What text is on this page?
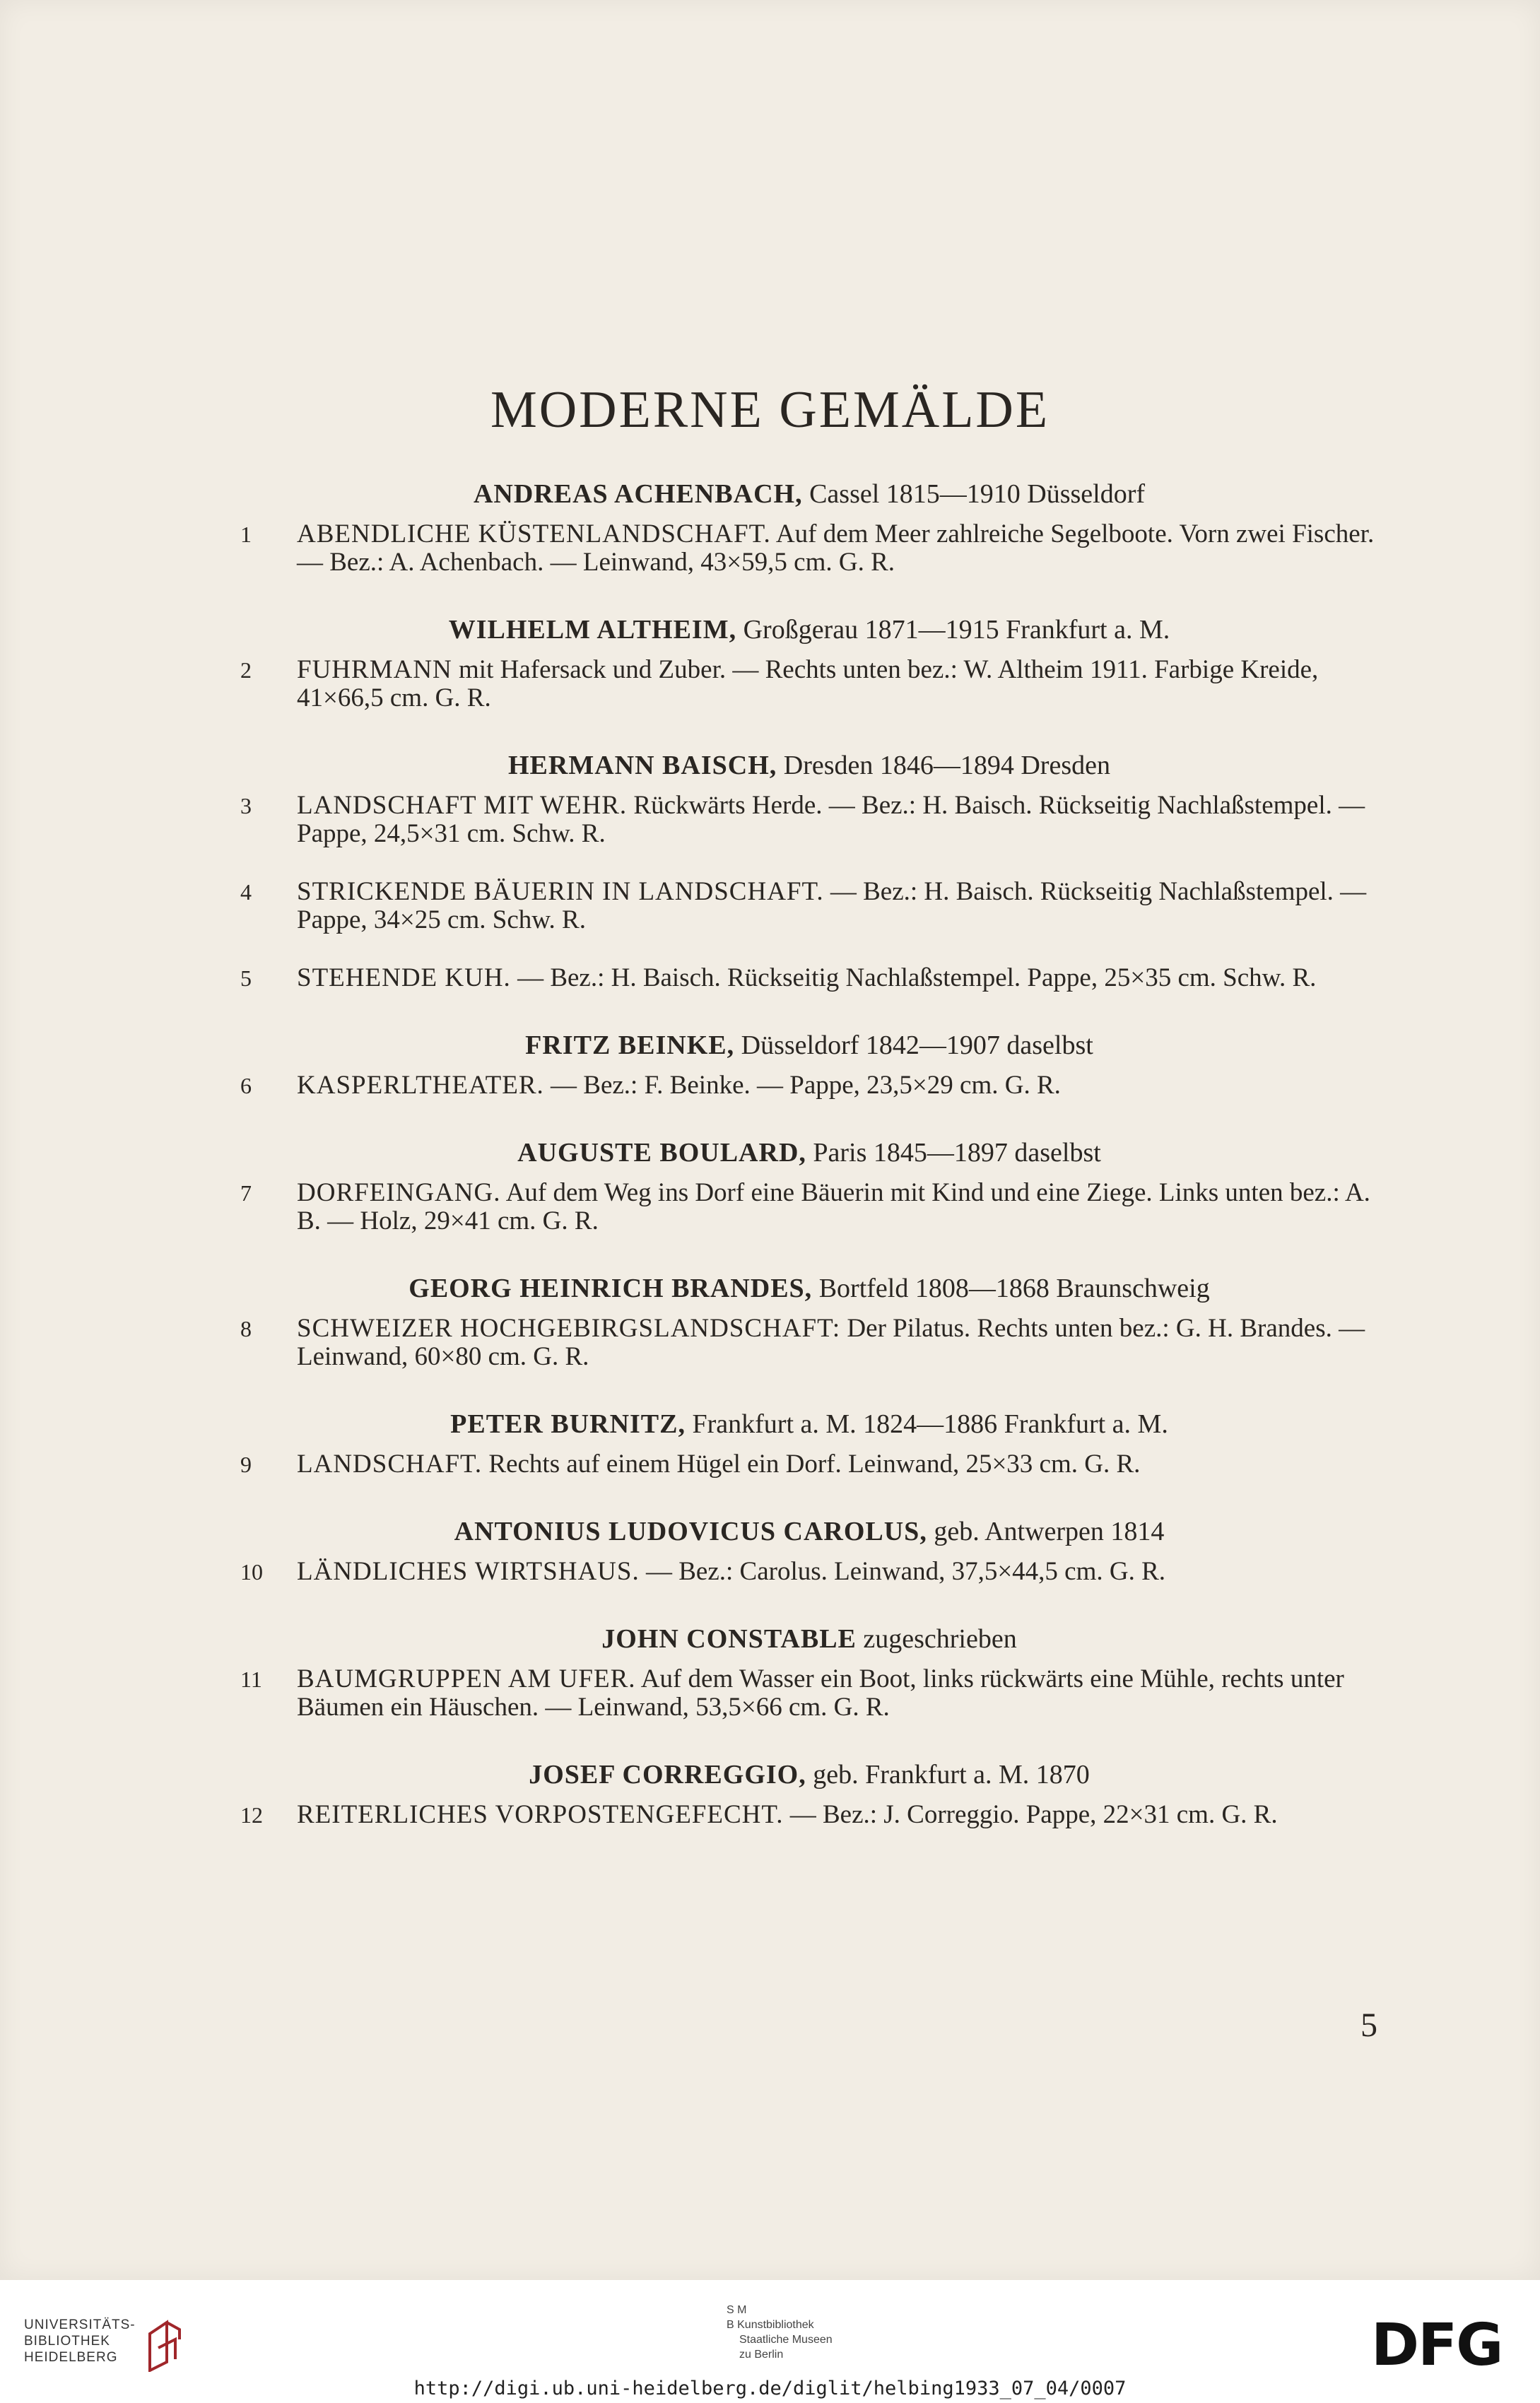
MODERNE GEMÄLDE
ANDREAS ACHENBACH, Cassel 1815—1910 Düsseldorf
1 ABENDLICHE KÜSTENLANDSCHAFT. Auf dem Meer zahlreiche Segelboote. Vorn zwei Fischer. — Bez.: A. Achenbach. — Leinwand, 43×59,5 cm. G. R.
WILHELM ALTHEIM, Großgerau 1871—1915 Frankfurt a. M.
2 FUHRMANN mit Hafersack und Zuber. — Rechts unten bez.: W. Altheim 1911. Farbige Kreide, 41×66,5 cm. G. R.
HERMANN BAISCH, Dresden 1846—1894 Dresden
3 LANDSCHAFT MIT WEHR. Rückwärts Herde. — Bez.: H. Baisch. Rückseitig Nachlaßstempel. — Pappe, 24,5×31 cm. Schw. R.
4 STRICKENDE BÄUERIN IN LANDSCHAFT. — Bez.: H. Baisch. Rückseitig Nachlaßstempel. — Pappe, 34×25 cm. Schw. R.
5 STEHENDE KUH. — Bez.: H. Baisch. Rückseitig Nachlaßstempel. Pappe, 25×35 cm. Schw. R.
FRITZ BEINKE, Düsseldorf 1842—1907 daselbst
6 KASPERLTHEATER. — Bez.: F. Beinke. — Pappe, 23,5×29 cm. G. R.
AUGUSTE BOULARD, Paris 1845—1897 daselbst
7 DORFEINGANG. Auf dem Weg ins Dorf eine Bäuerin mit Kind und eine Ziege. Links unten bez.: A. B. — Holz, 29×41 cm. G. R.
GEORG HEINRICH BRANDES, Bortfeld 1808—1868 Braunschweig
8 SCHWEIZER HOCHGEBIRGSLANDSCHAFT: Der Pilatus. Rechts unten bez.: G. H. Brandes. — Leinwand, 60×80 cm. G. R.
PETER BURNITZ, Frankfurt a. M. 1824—1886 Frankfurt a. M.
9 LANDSCHAFT. Rechts auf einem Hügel ein Dorf. Leinwand, 25×33 cm. G. R.
ANTONIUS LUDOVICUS CAROLUS, geb. Antwerpen 1814
10 LÄNDLICHES WIRTSHAUS. — Bez.: Carolus. Leinwand, 37,5×44,5 cm. G. R.
JOHN CONSTABLE zugeschrieben
11 BAUMGRUPPEN AM UFER. Auf dem Wasser ein Boot, links rückwärts eine Mühle, rechts unter Bäumen ein Häuschen. — Leinwand, 53,5×66 cm. G. R.
JOSEF CORREGGIO, geb. Frankfurt a. M. 1870
12 REITERLICHES VORPOSTENGEFECHT. — Bez.: J. Correggio. Pappe, 22×31 cm. G. R.
5
UNIVERSITÄTS-
BIBLIOTHEK
HEIDELBERG
S M
B Kunstbibliothek
Staatliche Museen
zu Berlin	DFG
http://digi.ub.uni-heidelberg.de/diglit/helbing1933_07_04/0007
